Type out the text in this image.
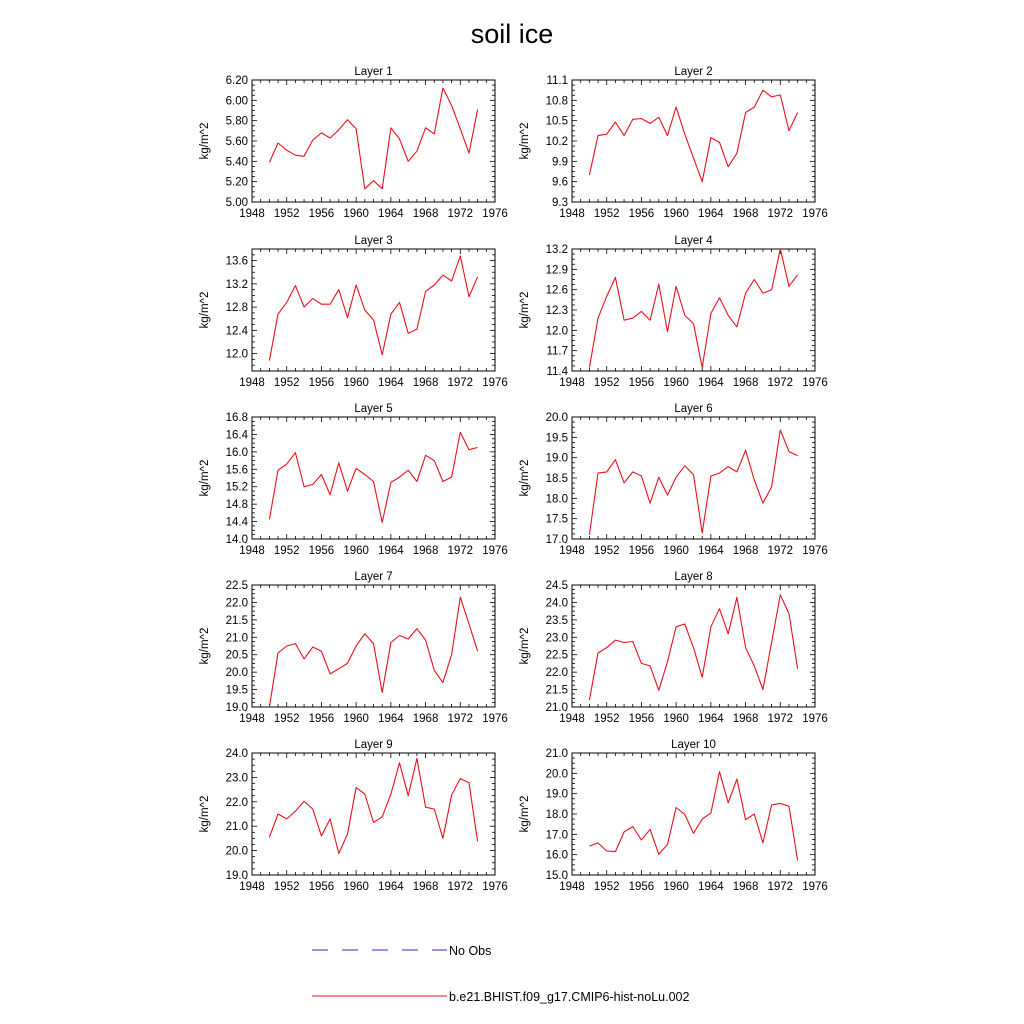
soil ice
Layer 1
kg/m^2
1948 1952 1956 1960 1964 1968 1972 1976
5.00
5.20
5.40
5.60
5.80
6.00
6.20
Layer 2
kg/m^2
1948 1952 1956 1960 1964 1968 1972 1976
9.3
9.6
9.9
10.2
10.5
10.8
11.1
Layer 3
kg/m^2
1948 1952 1956 1960 1964 1968 1972 1976
12.0
12.4
12.8
13.2
13.6
Layer 4
kg/m^2
1948 1952 1956 1960 1964 1968 1972 1976
11.4
11.7
12.0
12.3
12.6
12.9
13.2
Layer 5
kg/m^2
1948 1952 1956 1960 1964 1968 1972 1976
14.0
14.4
14.8
15.2
15.6
16.0
16.4
16.8
Layer 6
kg/m^2
1948 1952 1956 1960 1964 1968 1972 1976
17.0
17.5
18.0
18.5
19.0
19.5
20.0
Layer 7
kg/m^2
1948 1952 1956 1960 1964 1968 1972 1976
19.0
19.5
20.0
20.5
21.0
21.5
22.0
22.5
Layer 8
kg/m^2
1948 1952 1956 1960 1964 1968 1972 1976
21.0
21.5
22.0
22.5
23.0
23.5
24.0
24.5
Layer 9
kg/m^2
1948 1952 1956 1960 1964 1968 1972 1976
19.0
20.0
21.0
22.0
23.0
24.0
Layer 10
kg/m^2
1948 1952 1956 1960 1964 1968 1972 1976
15.0
16.0
17.0
18.0
19.0
20.0
21.0
No Obs
b.e21.BHIST.f09_g17.CMIP6-hist-noLu.002
